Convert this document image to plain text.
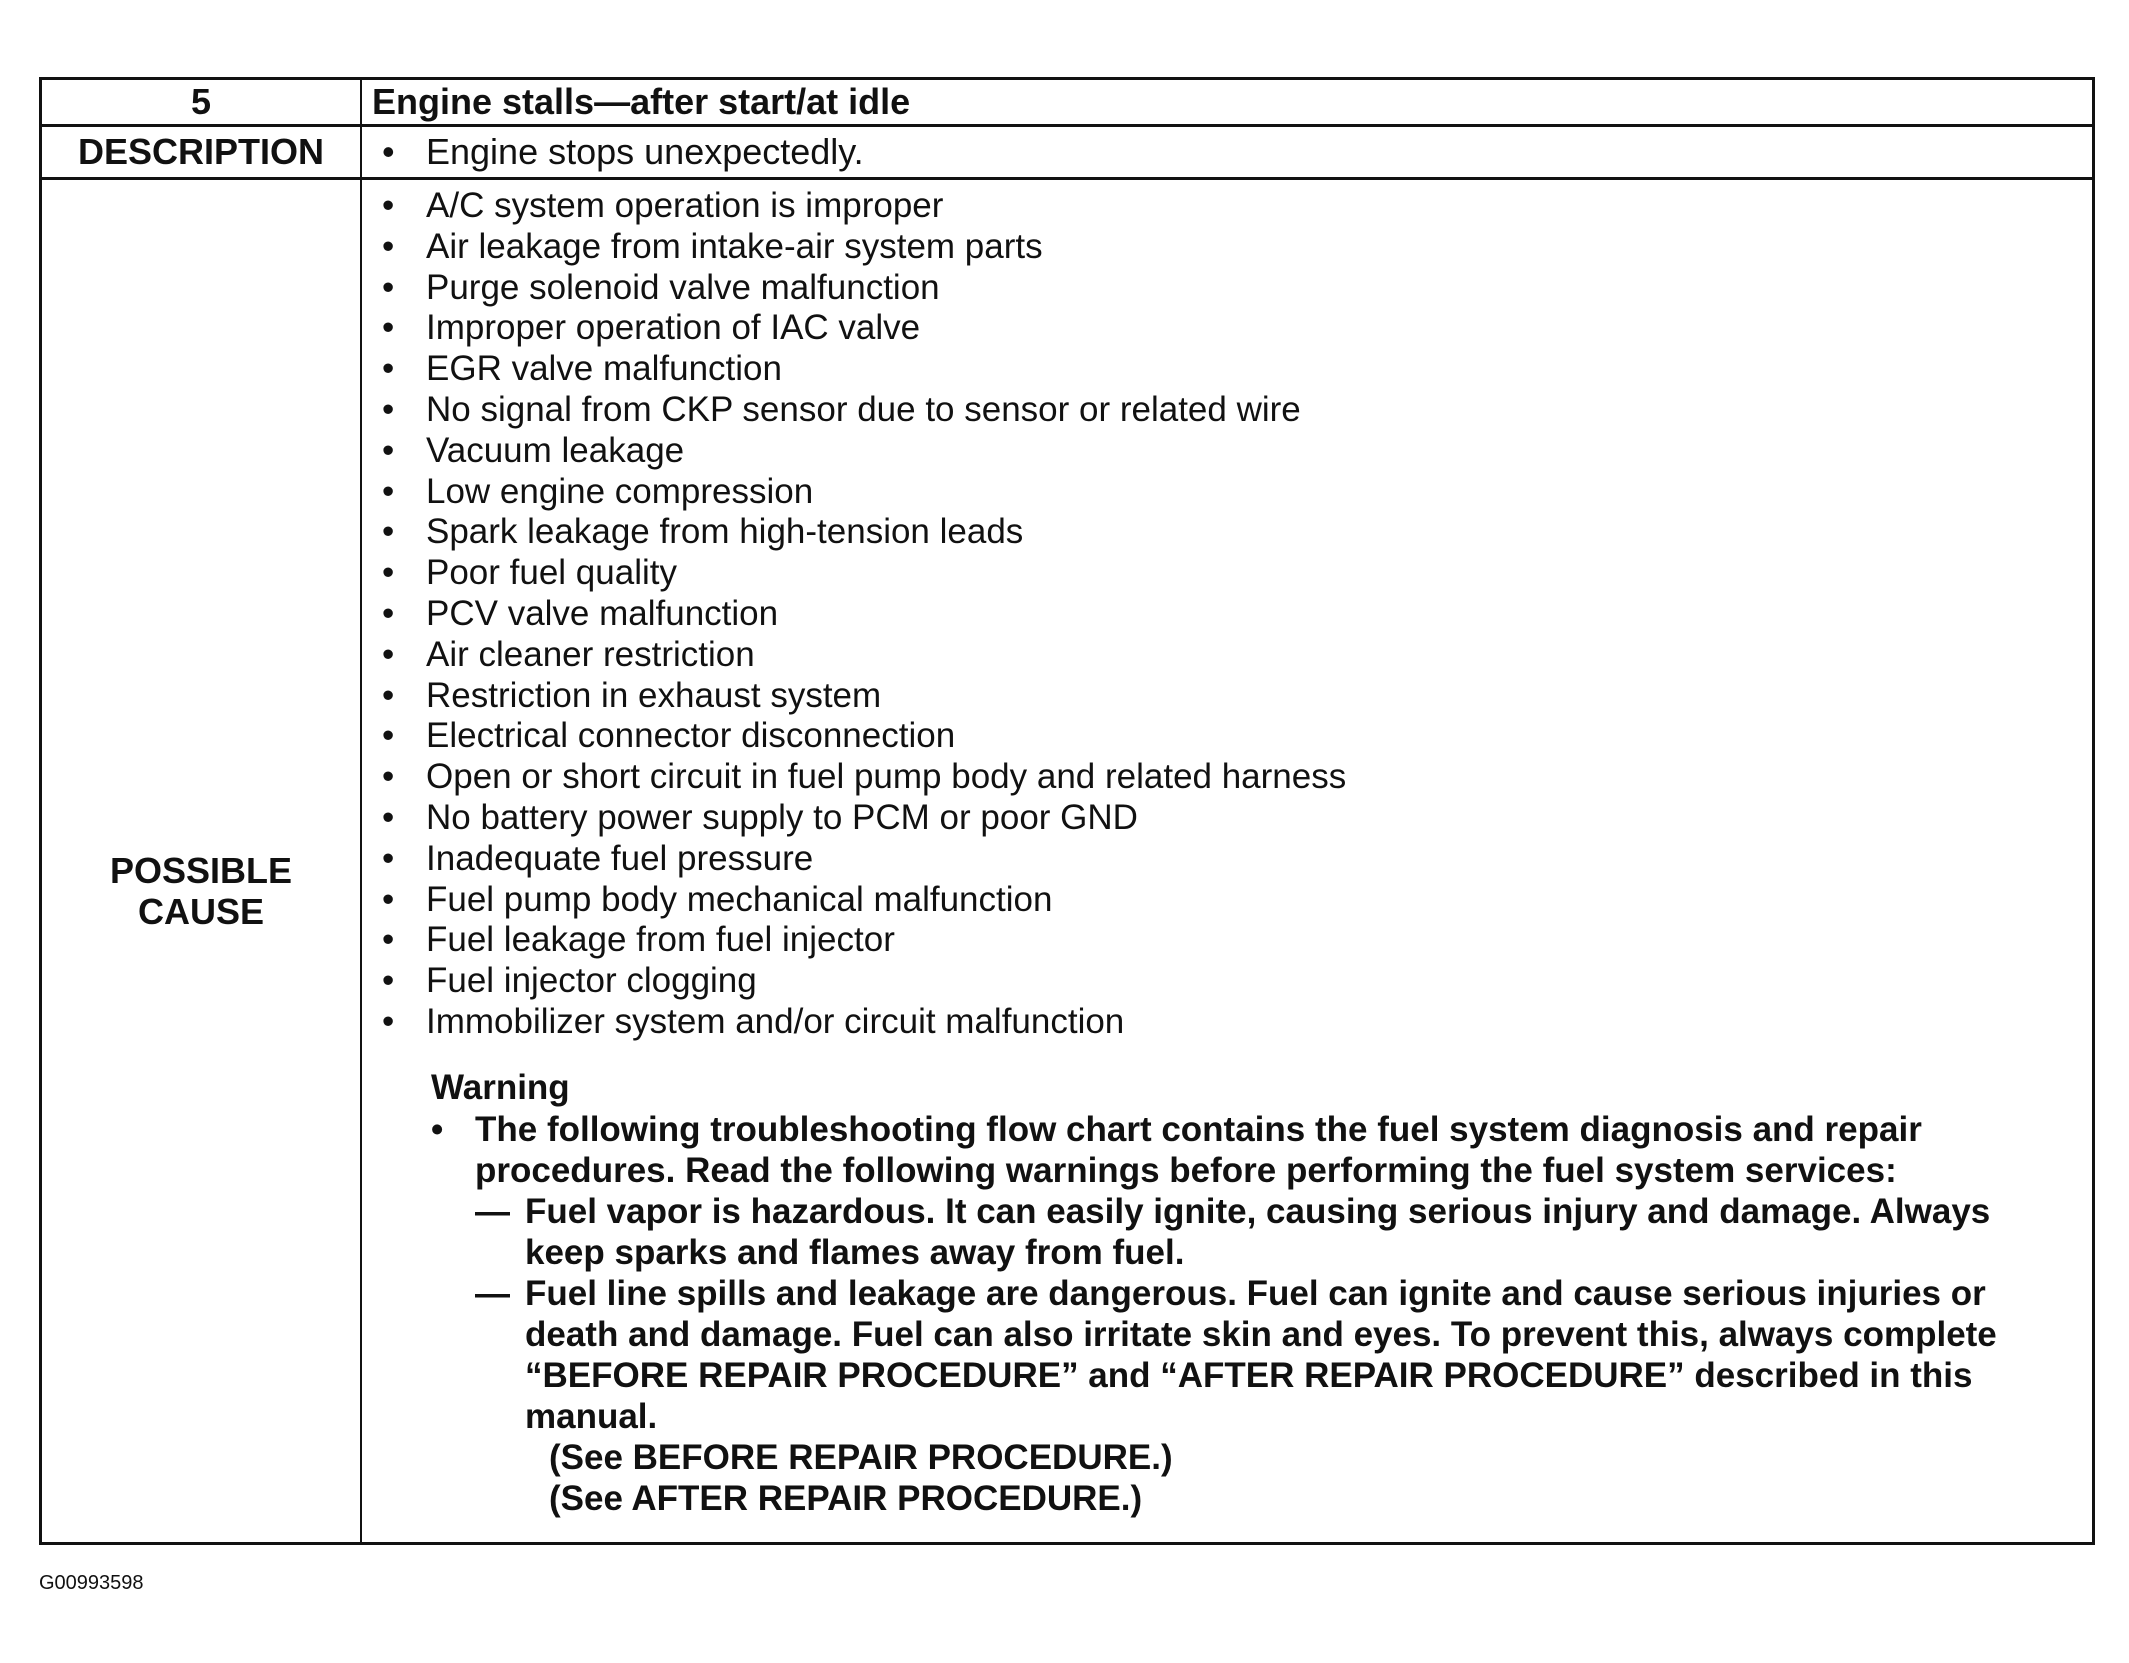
5	Engine stalls—after start/at idle
DESCRIPTION	• Engine stops unexpectedly.
POSSIBLE
CAUSE
• A/C system operation is improper
• Air leakage from intake-air system parts
• Purge solenoid valve malfunction
• Improper operation of IAC valve
• EGR valve malfunction
• No signal from CKP sensor due to sensor or related wire
• Vacuum leakage
• Low engine compression
• Spark leakage from high-tension leads
• Poor fuel quality
• PCV valve malfunction
• Air cleaner restriction
• Restriction in exhaust system
• Electrical connector disconnection
• Open or short circuit in fuel pump body and related harness
• No battery power supply to PCM or poor GND
• Inadequate fuel pressure
• Fuel pump body mechanical malfunction
• Fuel leakage from fuel injector
• Fuel injector clogging
• Immobilizer system and/or circuit malfunction
Warning
• The following troubleshooting flow chart contains the fuel system diagnosis and repair procedures. Read the following warnings before performing the fuel system services:
— Fuel vapor is hazardous. It can easily ignite, causing serious injury and damage. Always keep sparks and flames away from fuel.
— Fuel line spills and leakage are dangerous. Fuel can ignite and cause serious injuries or death and damage. Fuel can also irritate skin and eyes. To prevent this, always complete “BEFORE REPAIR PROCEDURE” and “AFTER REPAIR PROCEDURE” described in this manual.
(See BEFORE REPAIR PROCEDURE.)
(See AFTER REPAIR PROCEDURE.)
G00993598
